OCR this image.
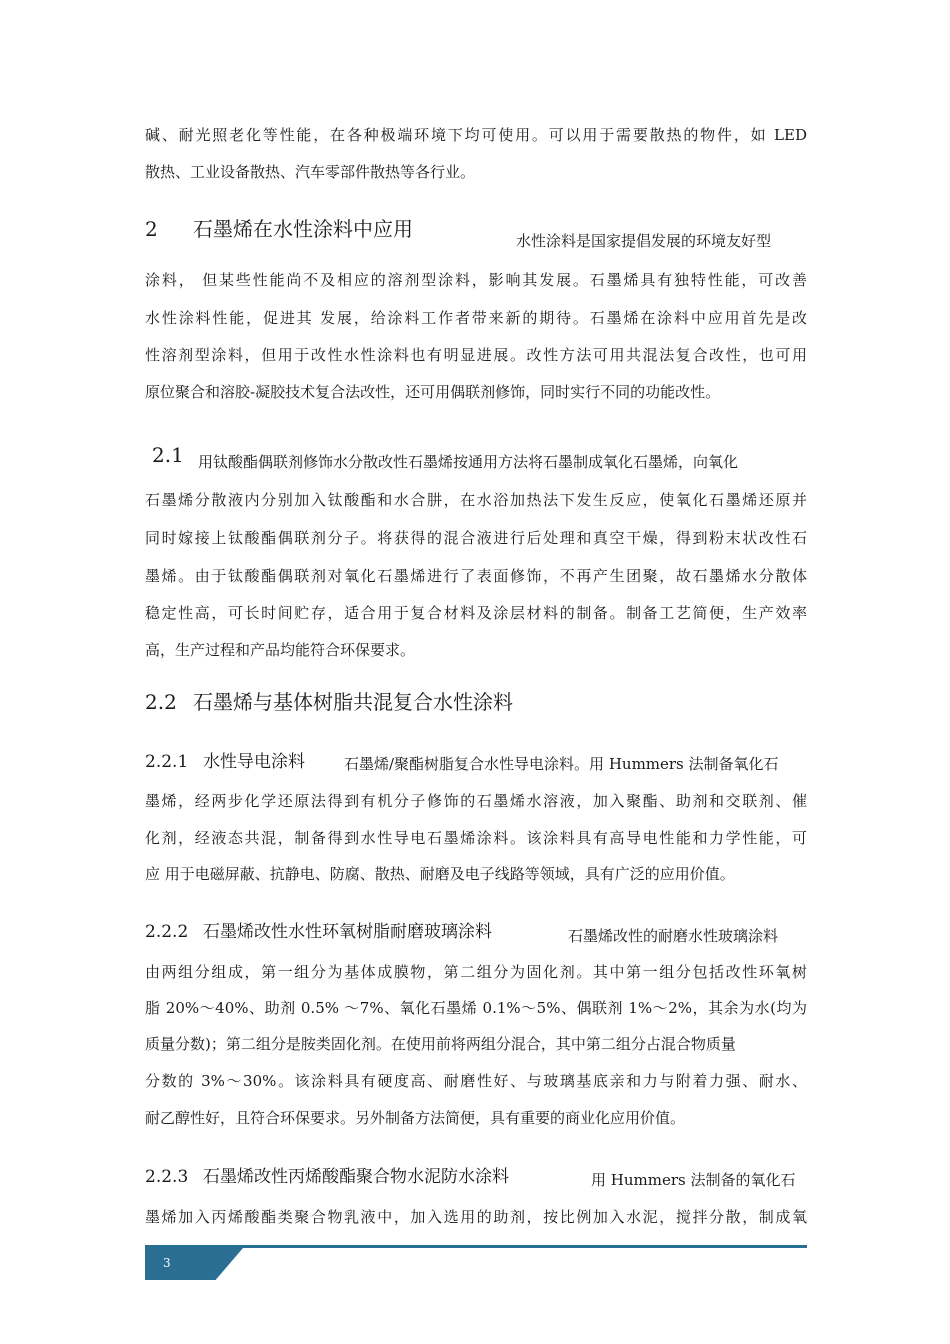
碱、耐光照老化等性能，在各种极端环境下均可使用。可以用于需要散热的物件，如 LED
散热、工业设备散热、汽车零部件散热等各行业。
2 石墨烯在水性涂料中应用	水性涂料是国家提倡发展的环境友好型
涂料， 但某些性能尚不及相应的溶剂型涂料，影响其发展。石墨烯具有独特性能，可改善
水性涂料性能，促进其 发展，给涂料工作者带来新的期待。石墨烯在涂料中应用首先是改
性溶剂型涂料，但用于改性水性涂料也有明显进展。改性方法可用共混法复合改性，也可用
原位聚合和溶胶-凝胶技术复合法改性，还可用偶联剂修饰，同时实行不同的功能改性。
2.1 用钛酸酯偶联剂修饰水分散改性石墨烯按通用方法将石墨制成氧化石墨烯，向氧化
石墨烯分散液内分别加入钛酸酯和水合肼，在水浴加热法下发生反应，使氧化石墨烯还原并
同时嫁接上钛酸酯偶联剂分子。将获得的混合液进行后处理和真空干燥，得到粉末状改性石
墨烯。由于钛酸酯偶联剂对氧化石墨烯进行了表面修饰，不再产生团聚，故石墨烯水分散体
稳定性高，可长时间贮存，适合用于复合材料及涂层材料的制备。制备工艺简便，生产效率
高，生产过程和产品均能符合环保要求。
2.2 石墨烯与基体树脂共混复合水性涂料
2.2.1 水性导电涂料	石墨烯/聚酯树脂复合水性导电涂料。用 Hummers 法制备氧化石
墨烯，经两步化学还原法得到有机分子修饰的石墨烯水溶液，加入聚酯、助剂和交联剂、催
化剂，经液态共混，制备得到水性导电石墨烯涂料。该涂料具有高导电性能和力学性能，可
应 用于电磁屏蔽、抗静电、防腐、散热、耐磨及电子线路等领域，具有广泛的应用价值。
2.2.2 石墨烯改性水性环氧树脂耐磨玻璃涂料	石墨烯改性的耐磨水性玻璃涂料
由两组分组成，第一组分为基体成膜物，第二组分为固化剂。其中第一组分包括改性环氧树
脂 20%～40%、助剂 0.5% ～7%、氧化石墨烯 0.1%～5%、偶联剂 1%～2%，其余为水(均为
质量分数)；第二组分是胺类固化剂。在使用前将两组分混合，其中第二组分占混合物质量
分数的 3%～30%。该涂料具有硬度高、耐磨性好、与玻璃基底亲和力与附着力强、耐水、
耐乙醇性好，且符合环保要求。另外制备方法简便，具有重要的商业化应用价值。
2.2.3 石墨烯改性丙烯酸酯聚合物水泥防水涂料	用 Hummers 法制备的氧化石
墨烯加入丙烯酸酯类聚合物乳液中，加入选用的助剂，按比例加入水泥，搅拌分散，制成氧
3
